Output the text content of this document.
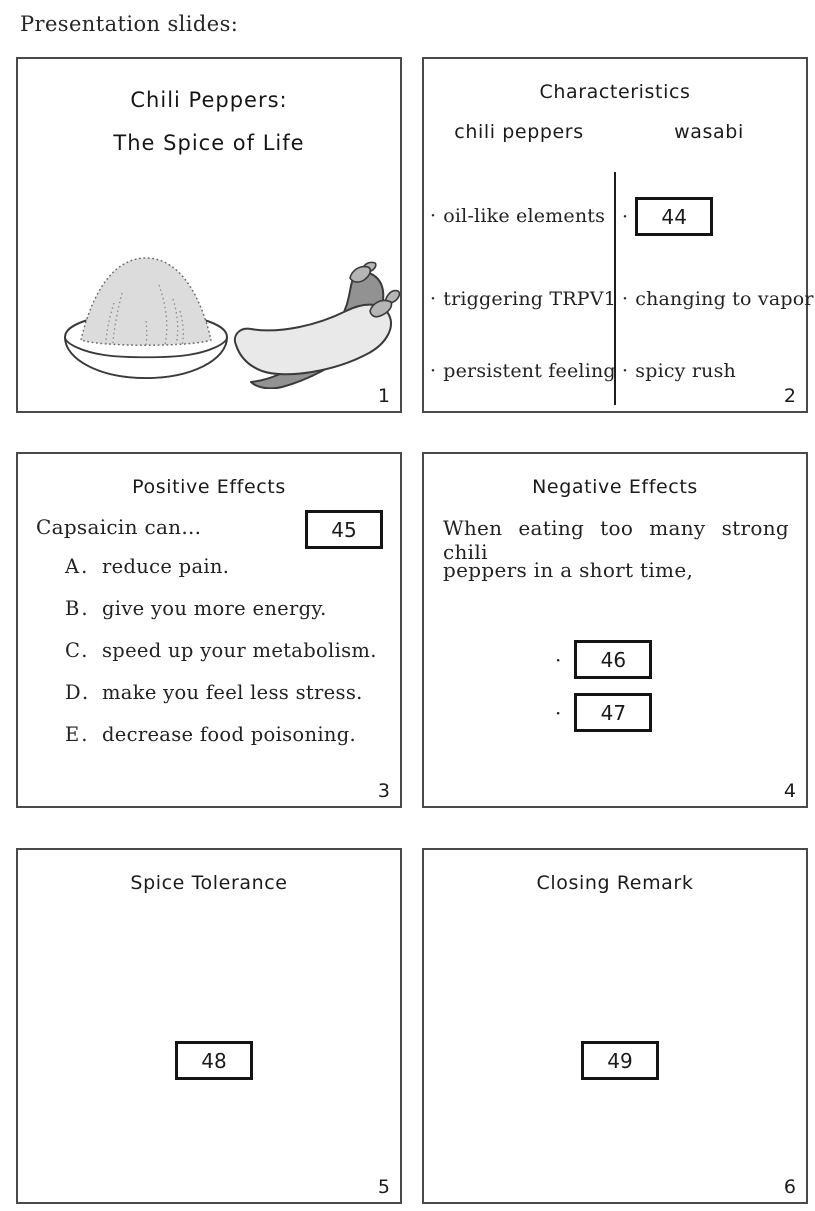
Presentation slides:
Chili Peppers:
The Spice of Life
1
Characteristics
chili peppers	wasabi
· oil-like elements
· triggering TRPV1
· persistent feeling
· 44
· changing to vapor
· spicy rush
2
Positive Effects
Capsaicin can...	45
A. reduce pain.
B. give you more energy.
C. speed up your metabolism.
D. make you feel less stress.
E. decrease food poisoning.
3
Negative Effects
When eating too many strong chili
peppers in a short time,
· 46
· 47
4
Spice Tolerance
48
5
Closing Remark
49
6
